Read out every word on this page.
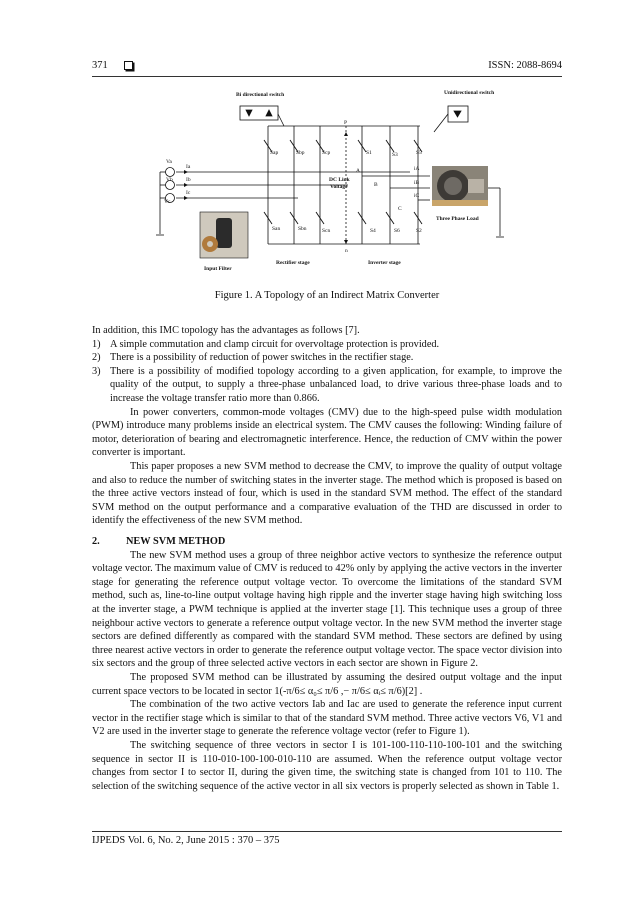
371	ISSN: 2088-8694
Bi directional switch	Unidirectional switch
Va
Vb
Vc
Ia
Ib
Ic
Sap	Sbp	Scp
San	Sbn	Scn
S1	S3	S5
S4	S6	S2
P
n
A
B
C
DC Link
Voltage
iA
iB
iC
Three Phase Load
Input Filter
Rectifier stage	Inverter stage
Figure 1. A Topology of an Indirect Matrix Converter

In addition, this IMC topology has the advantages as follows [7].

1) A simple commutation and clamp circuit for overvoltage protection is provided.
2) There is a possibility of reduction of power switches in the rectifier stage.
3) There is a possibility of modified topology according to a given application, for example, to improve the quality of the output, to supply a three-phase unbalanced load, to drive various three-phase loads and to increase the voltage transfer ratio more than 0.866.

In power converters, common-mode voltages (CMV) due to the high-speed pulse width modulation (PWM) introduce many problems inside an electrical system. The CMV causes the following: Winding failure of motor, deterioration of bearing and electromagnetic interference. Hence, the reduction of CMV within the power converter is important.

This paper proposes a new SVM method to decrease the CMV, to improve the quality of output voltage and also to reduce the number of switching states in the inverter stage. The method which is proposed is based on the three active vectors instead of four, which is used in the standard SVM method. The effect of the standard SVM method on the output performance and a comparative evaluation of the THD are discussed in order to identify the effectiveness of the new SVM method.

2.	NEW SVM METHOD

The new SVM method uses a group of three neighbor active vectors to synthesize the reference output voltage vector. The maximum value of CMV is reduced to 42% only by applying the active vectors in the inverter stage for generating the reference output voltage vector. To overcome the limitations of the standard SVM method, such as, line-to-line output voltage having high ripple and the inverter stage having high switching loss at the inverter stage, a PWM technique is applied at the inverter stage [1]. This technique uses a group of three neighbour active vectors to generate a reference output voltage vector. In the new SVM method the inverter stage sectors are defined differently as compared with the standard SVM method. These sectors are defined by using three nearest active vectors in order to generate the reference output voltage vector. The space vector division into six sectors and the group of three selected active vectors in each sector are shown in Figure 2.

The proposed SVM method can be illustrated by assuming the desired output voltage and the input current space vectors to be located in sector 1(-π/6≤ α₀≤ π/6 ,− π/6≤ αᵢ≤ π/6)[2] .

The combination of the two active vectors Iab and Iac are used to generate the reference input current vector in the rectifier stage which is similar to that of the standard SVM method. Three active vectors V6, V1 and V2 are used in the inverter stage to generate the reference voltage vector (refer to Figure 1).

The switching sequence of three vectors in sector I is 101-100-110-110-100-101 and the switching sequence in sector II is 110-010-100-100-010-110 are assumed. When the reference output voltage vector changes from sector I to sector II, during the given time, the switching state is changed from 101 to 110. The selection of the switching sequence of the active vector in all six vectors is properly selected as shown in Table 1.

IJPEDS Vol. 6, No. 2, June 2015 : 370 – 375
